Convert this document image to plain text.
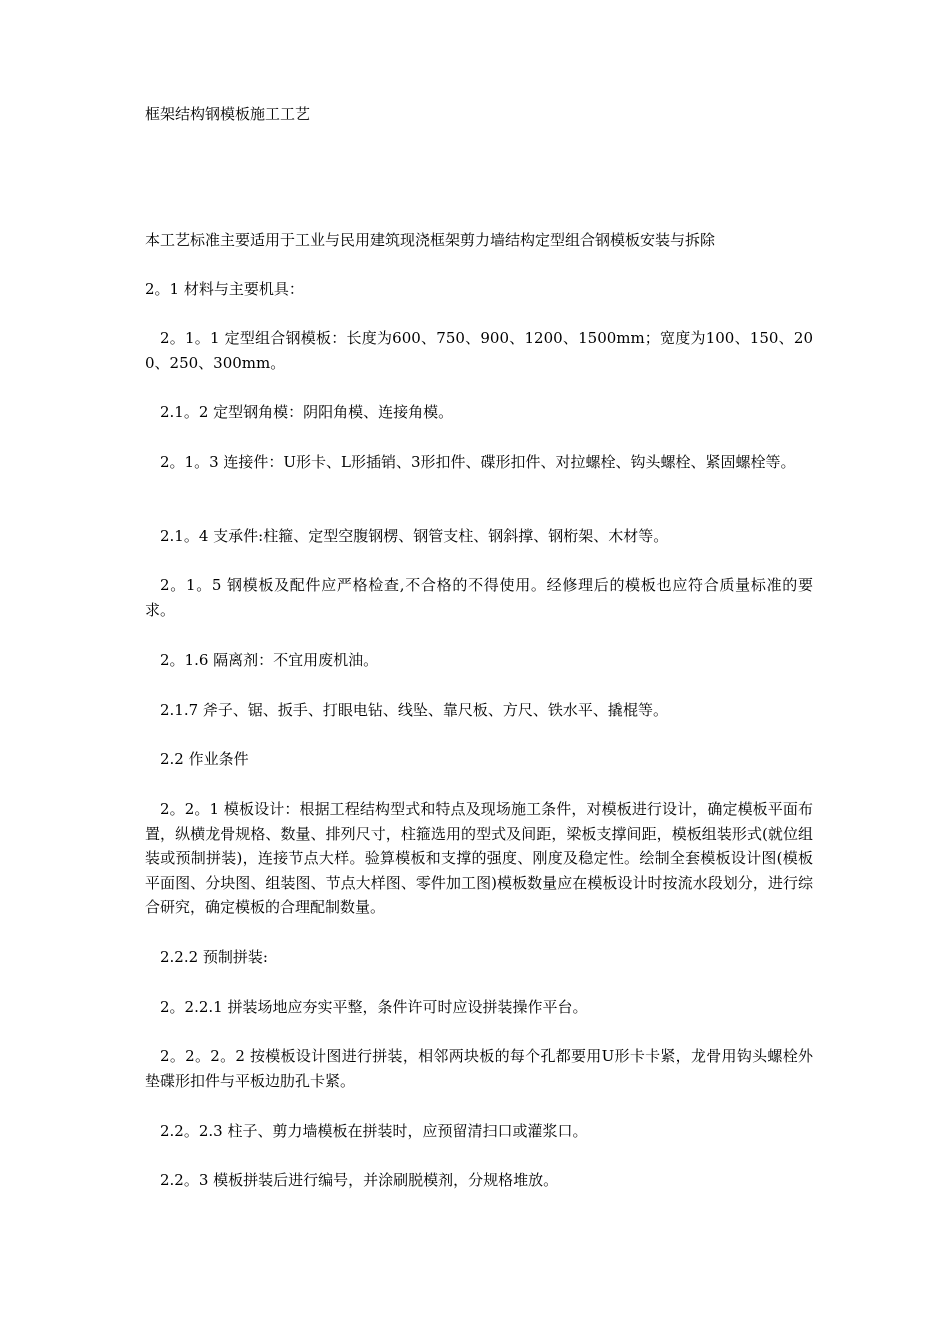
框架结构钢模板施工工艺
本工艺标准主要适用于工业与民用建筑现浇框架剪力墙结构定型组合钢模板安装与拆除
2。1 材料与主要机具：
2。1。1 定型组合钢模板：长度为600、750、900、1200、1500mm；宽度为100、150、200、250、300mm。
2.1。2 定型钢角模：阴阳角模、连接角模。
2。1。3 连接件：U形卡、L形插销、3形扣件、碟形扣件、对拉螺栓、钩头螺栓、紧固螺栓等。
2.1。4 支承件:柱箍、定型空腹钢楞、钢管支柱、钢斜撑、钢桁架、木材等。
2。1。5 钢模板及配件应严格检查,不合格的不得使用。经修理后的模板也应符合质量标准的要求。
2。1.6 隔离剂：不宜用废机油。
2.1.7 斧子、锯、扳手、打眼电钻、线坠、靠尺板、方尺、铁水平、撬棍等。
2.2 作业条件
2。2。1 模板设计：根据工程结构型式和特点及现场施工条件，对模板进行设计，确定模板平面布置，纵横龙骨规格、数量、排列尺寸，柱箍选用的型式及间距，梁板支撑间距，模板组装形式(就位组装或预制拼装)，连接节点大样。验算模板和支撑的强度、刚度及稳定性。绘制全套模板设计图(模板平面图、分块图、组装图、节点大样图、零件加工图)模板数量应在模板设计时按流水段划分，进行综合研究，确定模板的合理配制数量。
2.2.2 预制拼装:
2。2.2.1 拼装场地应夯实平整，条件许可时应设拼装操作平台。
2。2。2。2 按模板设计图进行拼装，相邻两块板的每个孔都要用U形卡卡紧，龙骨用钩头螺栓外垫碟形扣件与平板边肋孔卡紧。
2.2。2.3 柱子、剪力墙模板在拼装时，应预留清扫口或灌浆口。
2.2。3 模板拼装后进行编号，并涂刷脱模剂，分规格堆放。
